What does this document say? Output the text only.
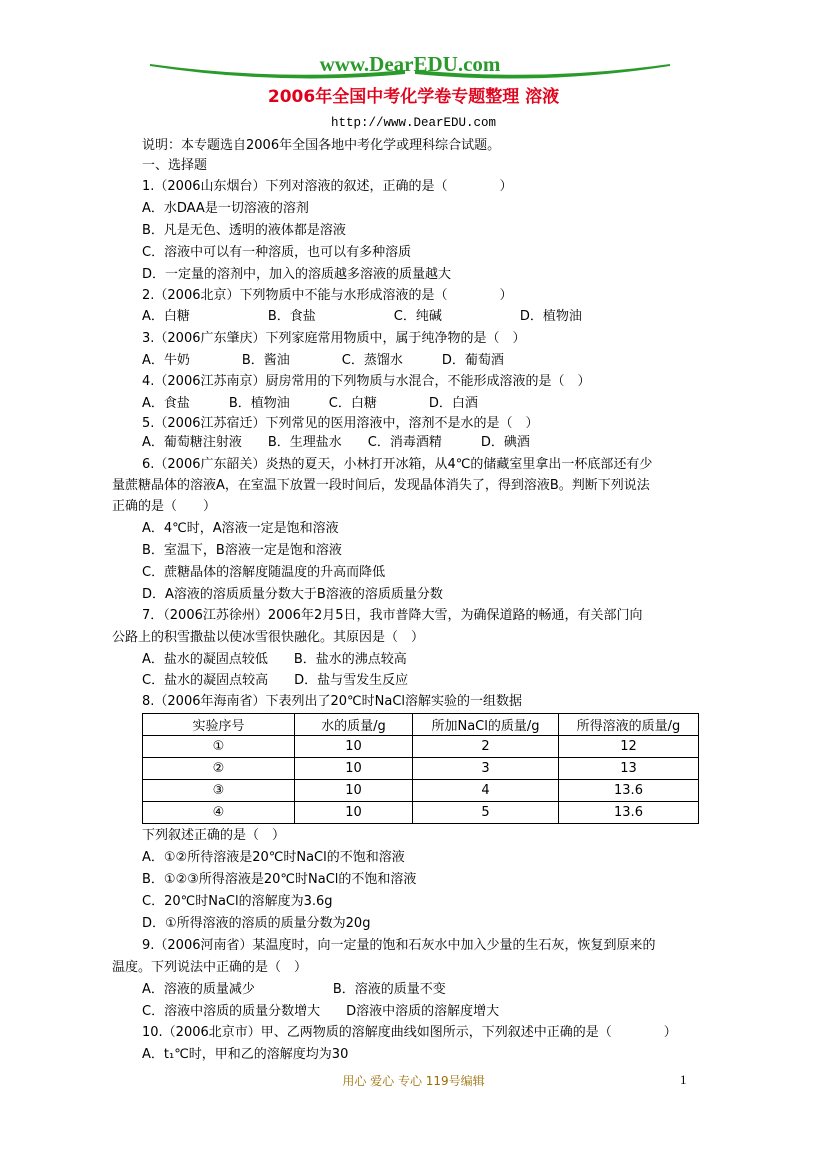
www.DearEDU.com
2006年全国中考化学卷专题整理 溶液
http://www.DearEDU.com
说明：本专题选自2006年全国各地中考化学或理科综合试题。
一、选择题
1.（2006山东烟台）下列对溶液的叙述，正确的是（　　　　）
A．水DAA是一切溶液的溶剂
B．凡是无色、透明的液体都是溶液
C．溶液中可以有一种溶质，也可以有多种溶质
D．一定量的溶剂中，加入的溶质越多溶液的质量越大
2.（2006北京）下列物质中不能与水形成溶液的是（　　　　）
A．白糖　　　　　　B．食盐　　　　　　C．纯碱　　　　　　D．植物油
3.（2006广东肇庆）下列家庭常用物质中，属于纯净物的是（　）
A．牛奶　　　　B．酱油　　　　C．蒸馏水　　　D．葡萄酒
4.（2006江苏南京）厨房常用的下列物质与水混合，不能形成溶液的是（　）
A．食盐　　　B．植物油　　　C．白糖　　　　D．白酒
5.（2006江苏宿迁）下列常见的医用溶液中，溶剂不是水的是（　）
A．葡萄糖注射液　　B．生理盐水　　C．消毒酒精　　　D．碘酒
6.（2006广东韶关）炎热的夏天，小林打开冰箱，从4℃的储藏室里拿出一杯底部还有少
量蔗糖晶体的溶液A，在室温下放置一段时间后，发现晶体消失了，得到溶液B。判断下列说法
正确的是（　　）
A．4℃时，A溶液一定是饱和溶液
B．室温下，B溶液一定是饱和溶液
C．蔗糖晶体的溶解度随温度的升高而降低
D．A溶液的溶质质量分数大于B溶液的溶质质量分数
7．（2006江苏徐州）2006年2月5日，我市普降大雪，为确保道路的畅通，有关部门向
公路上的积雪撒盐以使冰雪很快融化。其原因是（　）
A．盐水的凝固点较低　　B．盐水的沸点较高
C．盐水的凝固点较高　　D．盐与雪发生反应
8.（2006年海南省）下表列出了20℃时NaCl溶解实验的一组数据
实验序号	水的质量/g	所加NaCl的质量/g	所得溶液的质量/g
①	10	2	12
②	10	3	13
③	10	4	13.6
④	10	5	13.6
下列叙述正确的是（　）
A．①②所待溶液是20℃时NaCl的不饱和溶液
B．①②③所得溶液是20℃时NaCl的不饱和溶液
C．20℃时NaCl的溶解度为3.6g
D．①所得溶液的溶质的质量分数为20g
9.（2006河南省）某温度时，向一定量的饱和石灰水中加入少量的生石灰，恢复到原来的
温度。下列说法中正确的是（　）
A．溶液的质量减少　　　　　　B．溶液的质量不变
C．溶液中溶质的质量分数增大　　D溶液中溶质的溶解度增大
10.（2006北京市）甲、乙两物质的溶解度曲线如图所示，下列叙述中正确的是（　　　　）
A．t₁℃时，甲和乙的溶解度均为30
用心 爱心 专心 119号编辑	1
